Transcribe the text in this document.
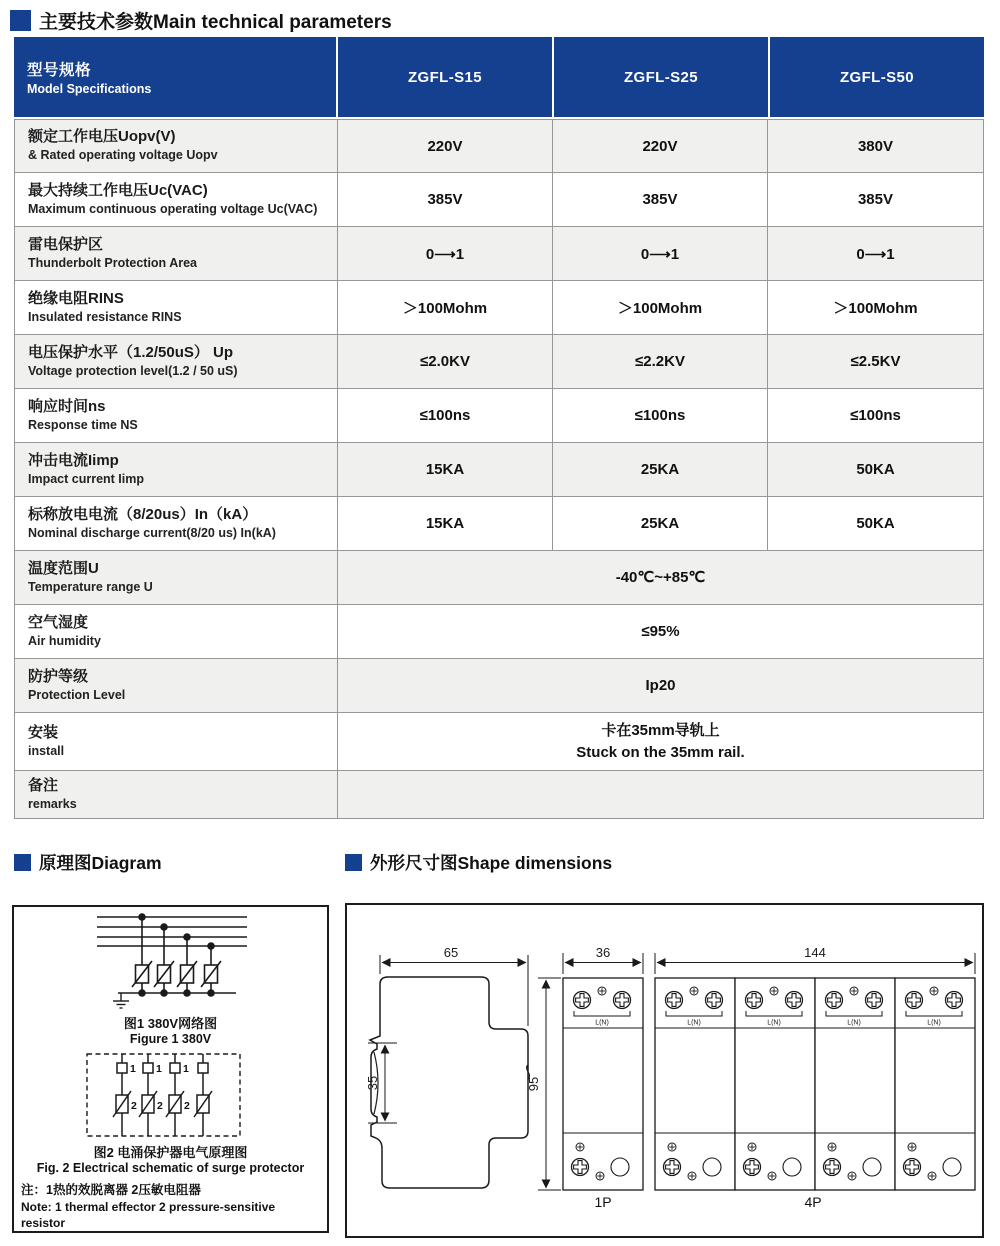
主要技术参数Main technical parameters
型号规格
Model Specifications
ZGFL-S15	ZGFL-S25	ZGFL-S50
额定工作电压Uopv(V)
& Rated operating voltage Uopv
220V	220V	380V
最大持续工作电压Uc(VAC)
Maximum continuous operating voltage Uc(VAC)
385V	385V	385V
雷电保护区
Thunderbolt Protection Area
0⟶1	0⟶1	0⟶1
绝缘电阻RINS
Insulated resistance RINS	＞100Mohm	＞100Mohm	＞100Mohm
电压保护水平（1.2/50uS） Up
Voltage protection level(1.2 / 50 uS)
≤2.0KV	≤2.2KV	≤2.5KV
响应时间ns
Response time NS
≤100ns	≤100ns	≤100ns
冲击电流Iimp
Impact current Iimp
15KA	25KA	50KA
标称放电电流（8/20us）In（kA）
Nominal discharge current(8/20 us) In(kA)
15KA	25KA	50KA
温度范围U
Temperature range U
-40℃~+85℃
空气湿度
Air humidity
≤95%
防护等级
Protection Level
Ip20
安装
install
卡在35mm导轨上
Stuck on the 35mm rail.
备注
remarks
原理图Diagram	外形尺寸图Shape dimensions
图1 380V网络图
Figure 1 380V
1 1 1
2 2 2
图2 电涌保护器电气原理图
Fig. 2 Electrical schematic of surge protector
注：1热的效脱离器 2压敏电阻器
Note: 1 thermal effector 2 pressure-sensitive resistor
L(N)	65
35	95
36	144
1P	4P
